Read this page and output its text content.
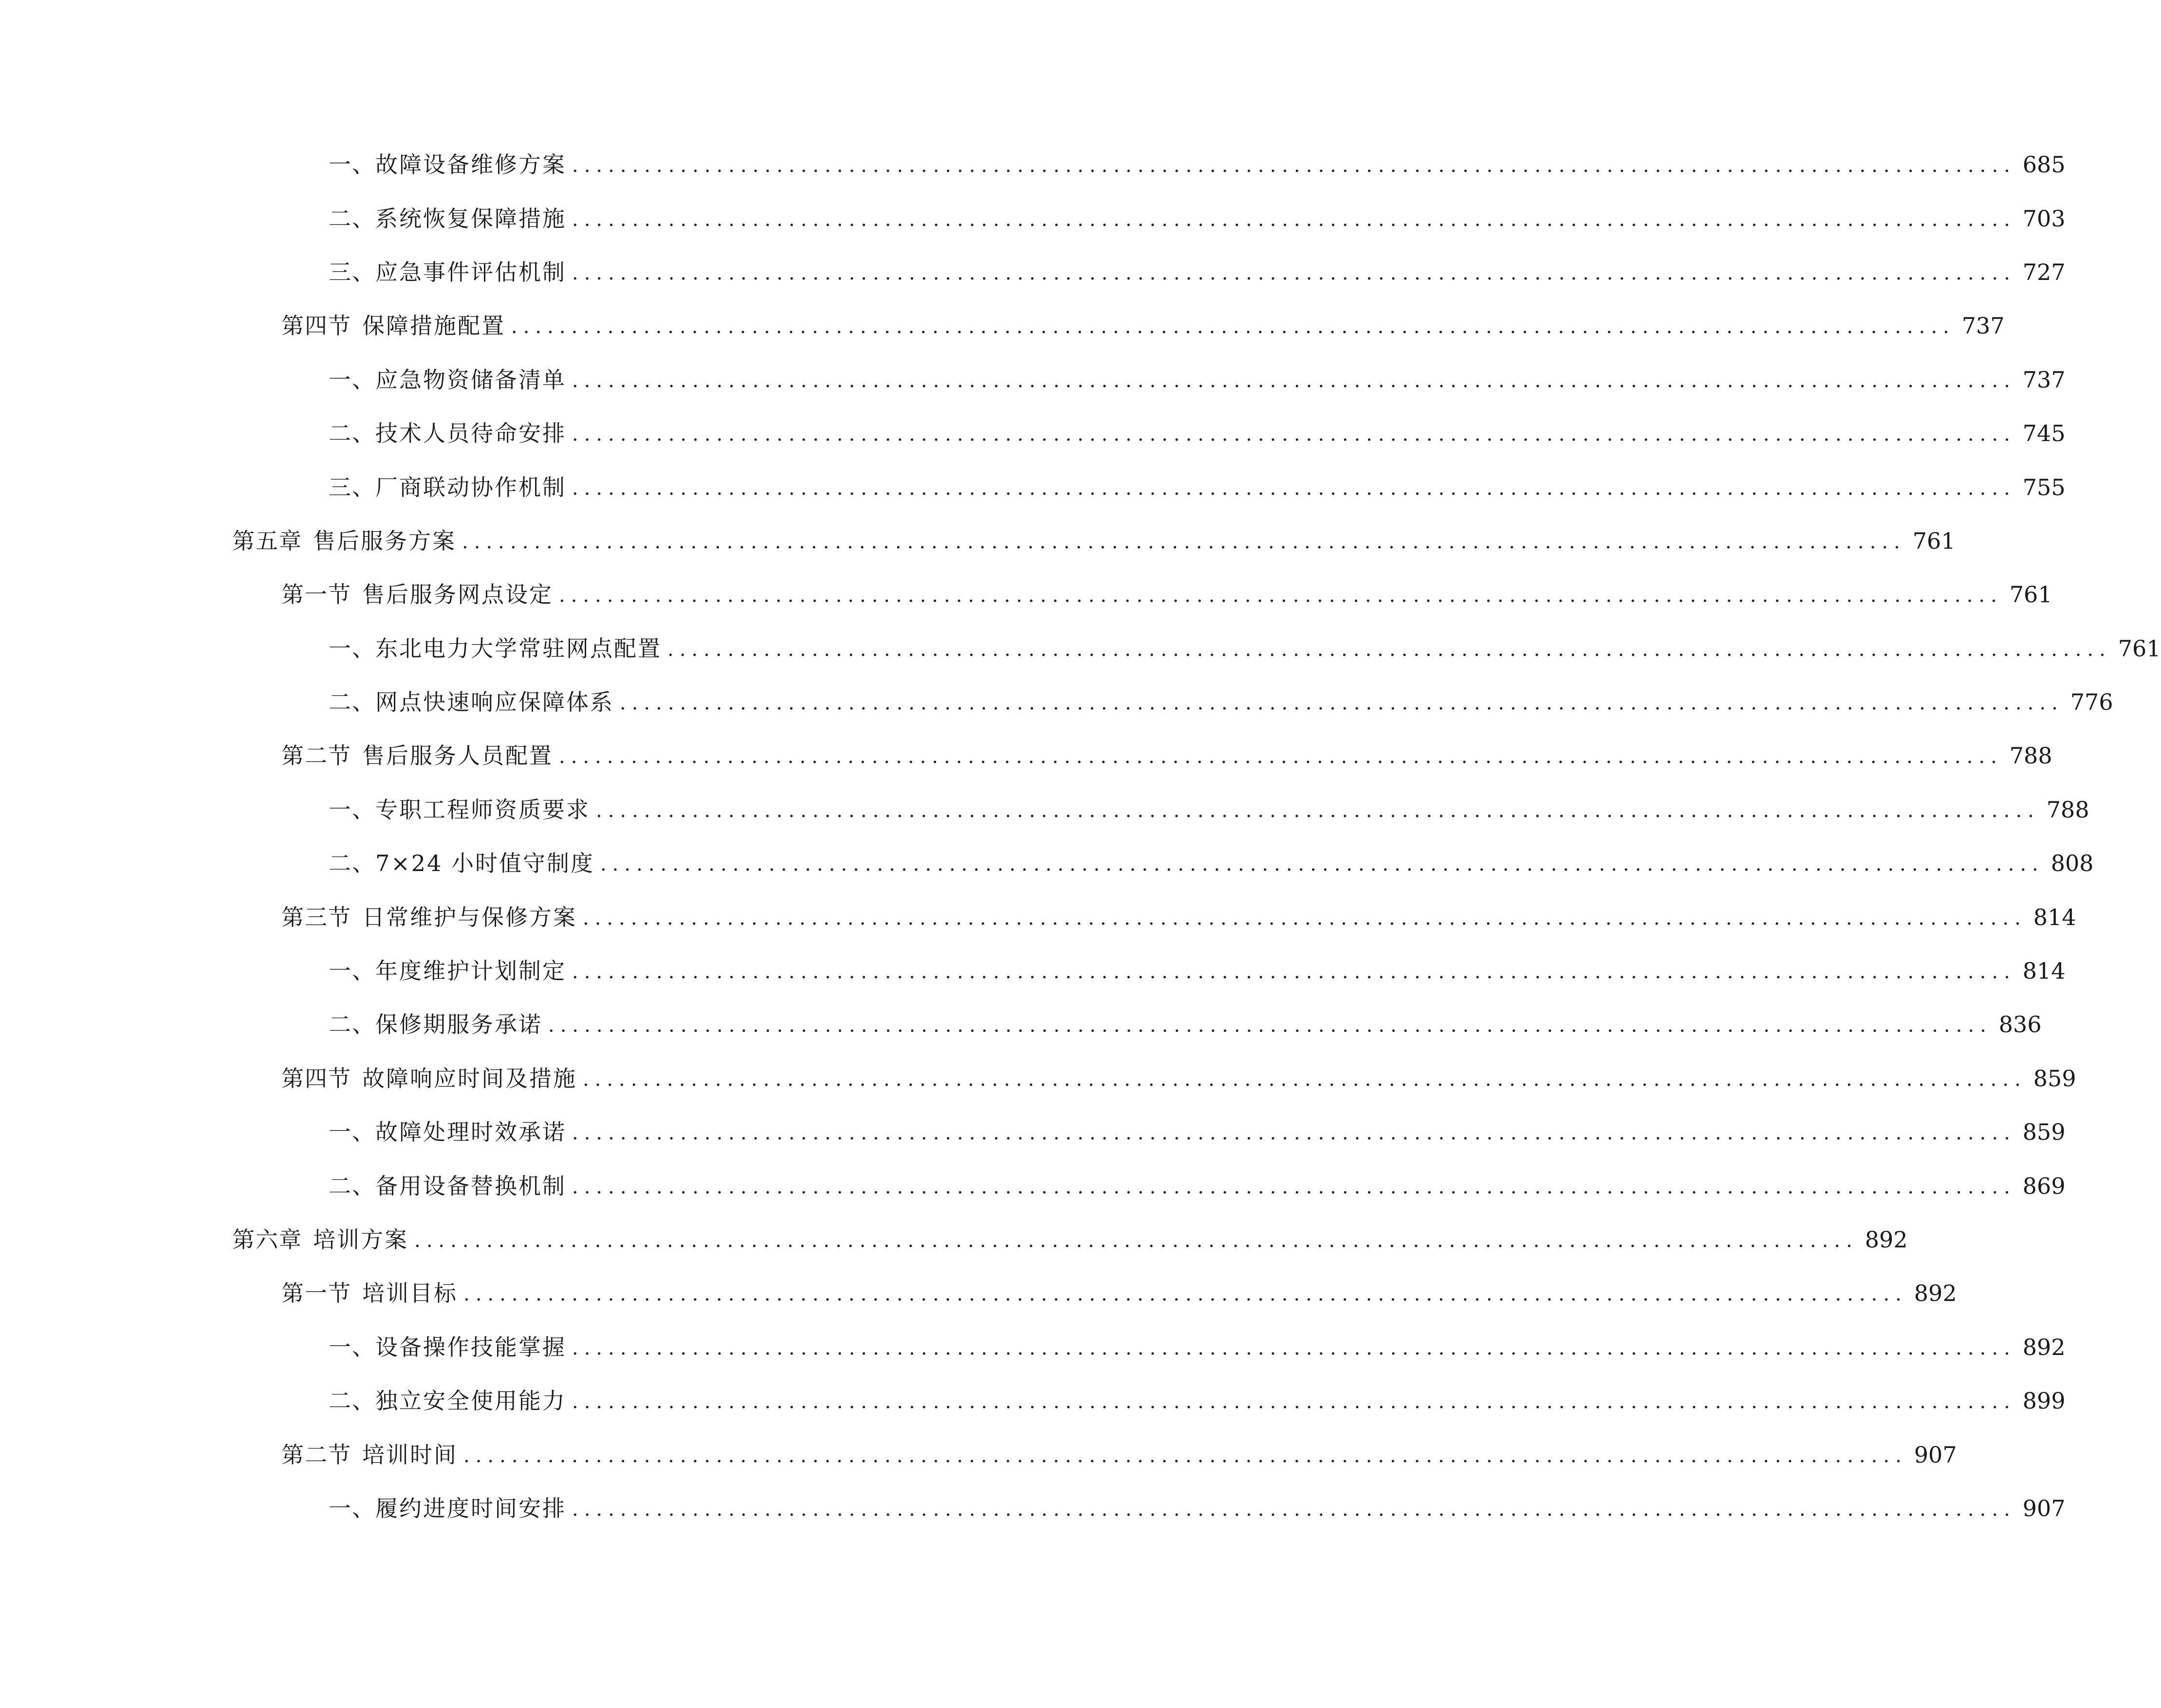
一、 故障设备维修方案 ........................................................................................................................ 685
二、 系统恢复保障措施 ........................................................................................................................ 703
三、 应急事件评估机制 ........................................................................................................................ 727
第四节 保障措施配置 ........................................................................................................................ 737
一、 应急物资储备清单 ........................................................................................................................ 737
二、 技术人员待命安排 ........................................................................................................................ 745
三、 厂商联动协作机制 ........................................................................................................................ 755
第五章 售后服务方案 ........................................................................................................................ 761
第一节 售后服务网点设定 ........................................................................................................................ 761
一、 东北电力大学常驻网点配置 ........................................................................................................................ 761
二、 网点快速响应保障体系 ........................................................................................................................ 776
第二节 售后服务人员配置 ........................................................................................................................ 788
一、 专职工程师资质要求 ........................................................................................................................ 788
二、 7×24 小时值守制度 ........................................................................................................................ 808
第三节 日常维护与保修方案 ........................................................................................................................ 814
一、 年度维护计划制定 ........................................................................................................................ 814
二、 保修期服务承诺 ........................................................................................................................ 836
第四节 故障响应时间及措施 ........................................................................................................................ 859
一、 故障处理时效承诺 ........................................................................................................................ 859
二、 备用设备替换机制 ........................................................................................................................ 869
第六章 培训方案 ........................................................................................................................ 892
第一节 培训目标 ........................................................................................................................ 892
一、 设备操作技能掌握 ........................................................................................................................ 892
二、 独立安全使用能力 ........................................................................................................................ 899
第二节 培训时间 ........................................................................................................................ 907
一、 履约进度时间安排 ........................................................................................................................ 907
